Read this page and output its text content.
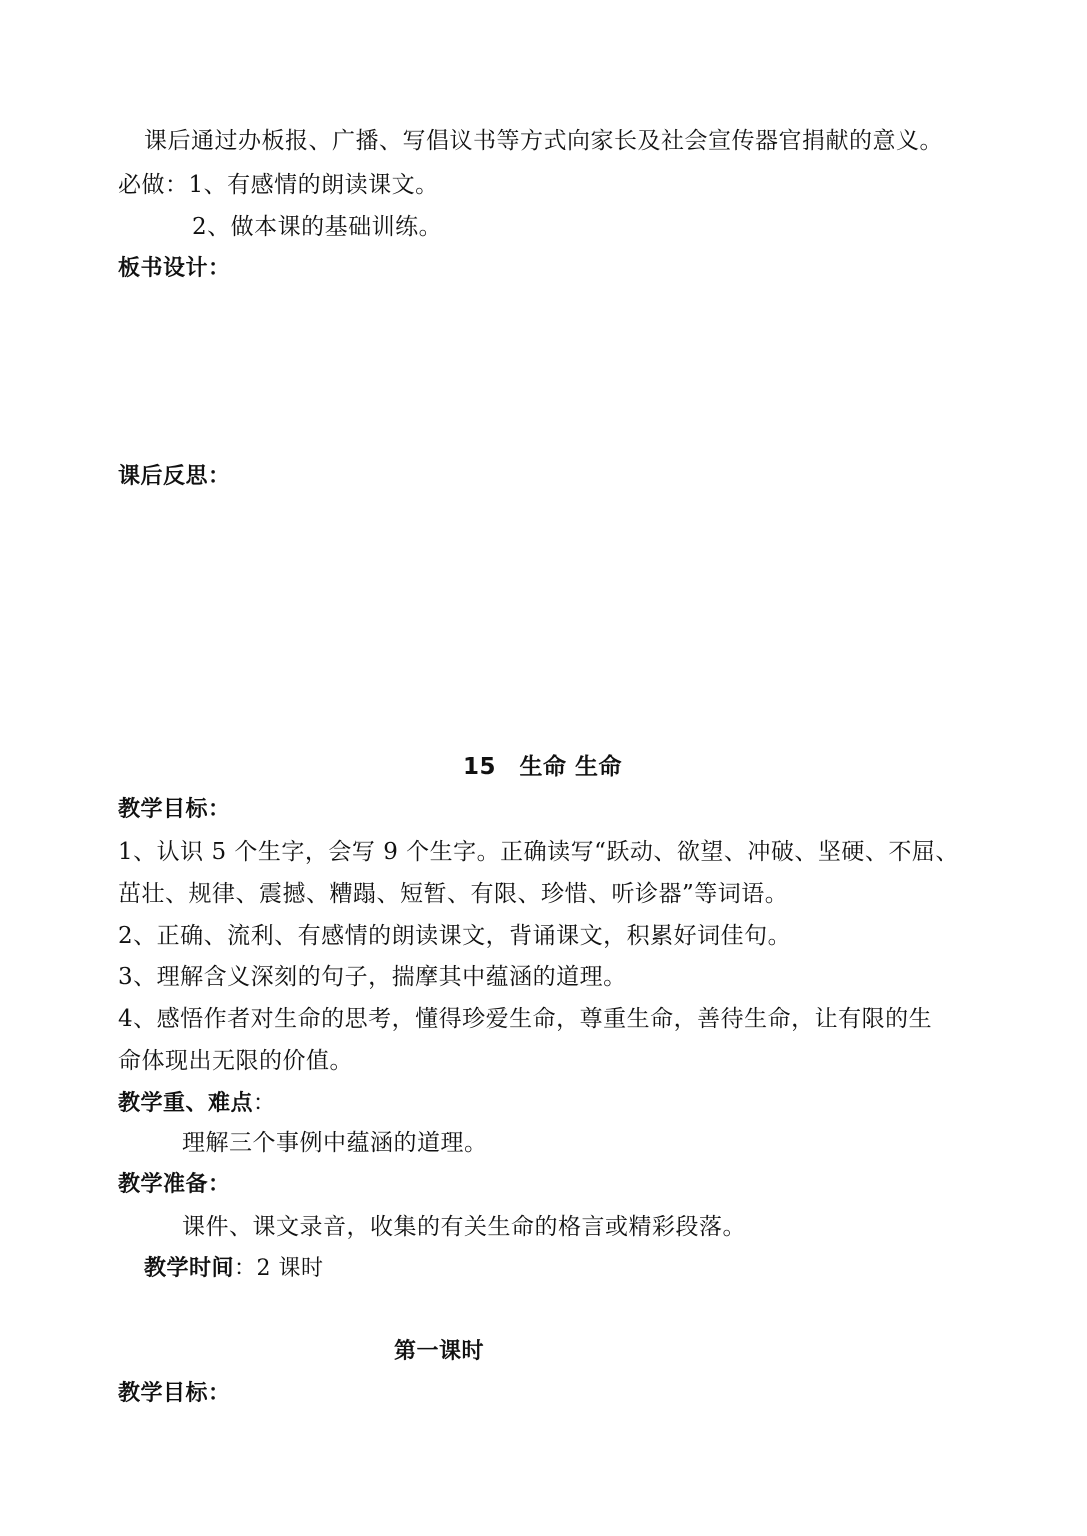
课后通过办板报、广播、写倡议书等方式向家长及社会宣传器官捐献的意义。
必做：1、有感情的朗读课文。
2、做本课的基础训练。
板书设计：
课后反思：
15　生命 生命
教学目标：
1、认识 5 个生字，会写 9 个生字。正确读写“跃动、欲望、冲破、坚硬、不屈、
茁壮、规律、震撼、糟蹋、短暂、有限、珍惜、听诊器”等词语。
2、正确、流利、有感情的朗读课文，背诵课文，积累好词佳句。
3、理解含义深刻的句子，揣摩其中蕴涵的道理。
4、感悟作者对生命的思考，懂得珍爱生命，尊重生命，善待生命，让有限的生
命体现出无限的价值。
教学重、难点：
理解三个事例中蕴涵的道理。
教学准备：
课件、课文录音，收集的有关生命的格言或精彩段落。
教学时间：2 课时
第一课时
教学目标：
